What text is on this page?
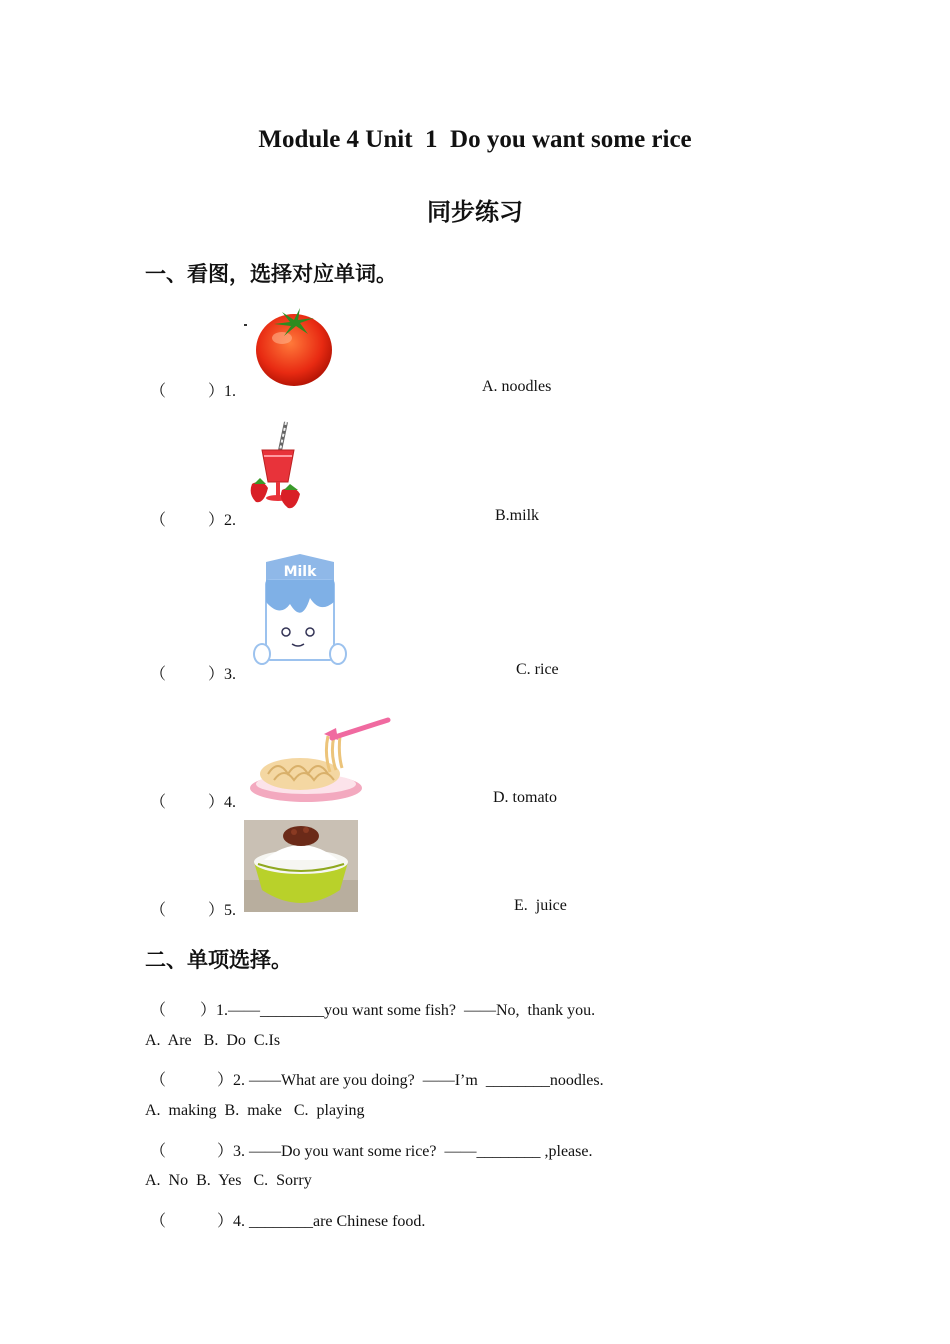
Module 4 Unit  1  Do you want some rice
同步练习
一、看图，选择对应单词。
（	）1.	A. noodles
（	）2.	B.milk
（	）3.	C. rice
Milk
（	）4.	D. tomato
（	）5.	E.  juice
二、单项选择。
（ ）1.——________you want some fish?  ——No,  thank you.
A.  Are   B.  Do  C.Is
（	）2. ——What are you doing?  ——I’m  ________noodles.
A.  making  B.  make   C.  playing
（	）3. ——Do you want some rice?  ——________ ,please.
A.  No  B.  Yes   C.  Sorry
（	）4. ________are Chinese food.
